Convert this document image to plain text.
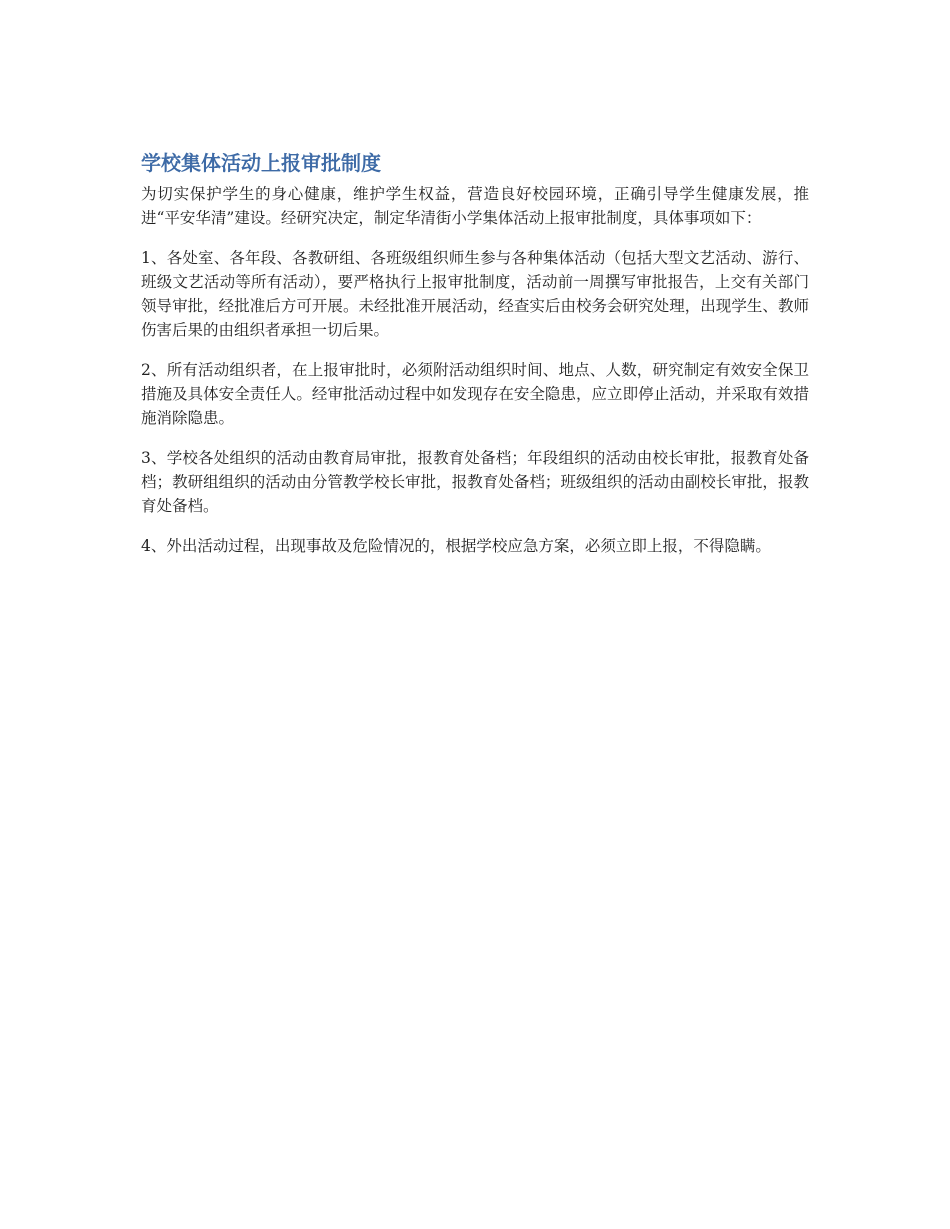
学校集体活动上报审批制度

为切实保护学生的身心健康，维护学生权益，营造良好校园环境，正确引导学生健康发展，推进“平安华清”建设。经研究决定，制定华清街小学集体活动上报审批制度，具体事项如下：

1、各处室、各年段、各教研组、各班级组织师生参与各种集体活动（包括大型文艺活动、游行、班级文艺活动等所有活动），要严格执行上报审批制度，活动前一周撰写审批报告，上交有关部门领导审批，经批准后方可开展。未经批准开展活动，经查实后由校务会研究处理，出现学生、教师伤害后果的由组织者承担一切后果。

2、所有活动组织者，在上报审批时，必须附活动组织时间、地点、人数，研究制定有效安全保卫措施及具体安全责任人。经审批活动过程中如发现存在安全隐患，应立即停止活动，并采取有效措施消除隐患。

3、学校各处组织的活动由教育局审批，报教育处备档；年段组织的活动由校长审批，报教育处备档；教研组组织的活动由分管教学校长审批，报教育处备档；班级组织的活动由副校长审批，报教育处备档。

4、外出活动过程，出现事故及危险情况的，根据学校应急方案，必须立即上报，不得隐瞒。
